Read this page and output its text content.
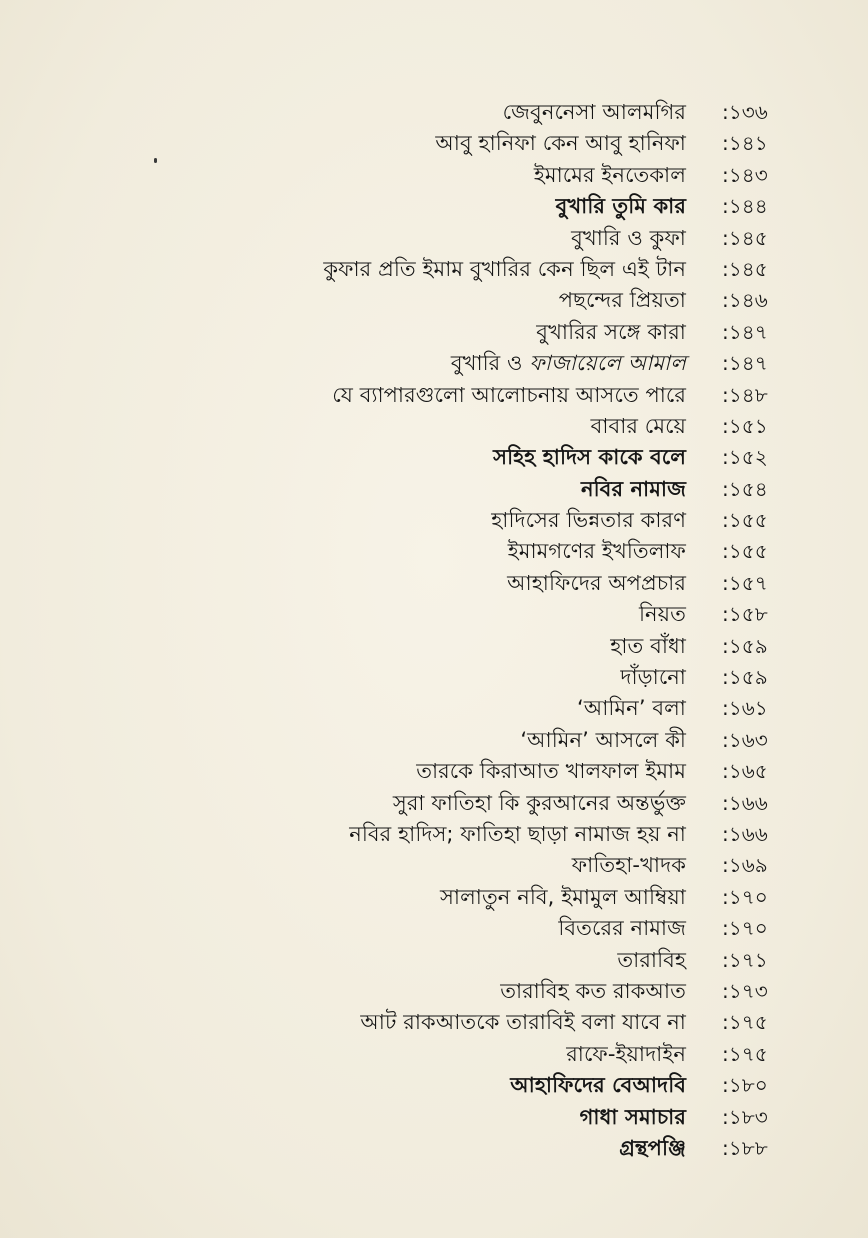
জেবুননেসা আলমগির :১৩৬
আবু হানিফা কেন আবু হানিফা :১৪১
ইমামের ইনতেকাল :১৪৩
বুখারি তুমি কার :১৪৪
বুখারি ও কুফা :১৪৫
কুফার প্রতি ইমাম বুখারির কেন ছিল এই টান :১৪৫
পছন্দের প্রিয়তা :১৪৬
বুখারির সঙ্গে কারা :১৪৭
বুখারি ও ফাজায়েলে আমাল :১৪৭
যে ব্যাপারগুলো আলোচনায় আসতে পারে :১৪৮
বাবার মেয়ে :১৫১
সহিহ হাদিস কাকে বলে :১৫২
নবির নামাজ :১৫৪
হাদিসের ভিন্নতার কারণ :১৫৫
ইমামগণের ইখতিলাফ :১৫৫
আহাফিদের অপপ্রচার :১৫৭
নিয়ত :১৫৮
হাত বাঁধা :১৫৯
দাঁড়ানো :১৫৯
‘আমিন’ বলা :১৬১
‘আমিন’ আসলে কী :১৬৩
তারকে কিরাআত খালফাল ইমাম :১৬৫
সুরা ফাতিহা কি কুরআনের অন্তর্ভুক্ত :১৬৬
নবির হাদিস; ফাতিহা ছাড়া নামাজ হয় না :১৬৬
ফাতিহা-খাদক :১৬৯
সালাতুন নবি, ইমামুল আম্বিয়া :১৭০
বিতরের নামাজ :১৭০
তারাবিহ :১৭১
তারাবিহ কত রাকআত :১৭৩
আট রাকআতকে তারাবিই বলা যাবে না :১৭৫
রাফে-ইয়াদাইন :১৭৫
আহাফিদের বেআদবি :১৮০
গাধা সমাচার :১৮৩
গ্রন্থপঞ্জি :১৮৮
